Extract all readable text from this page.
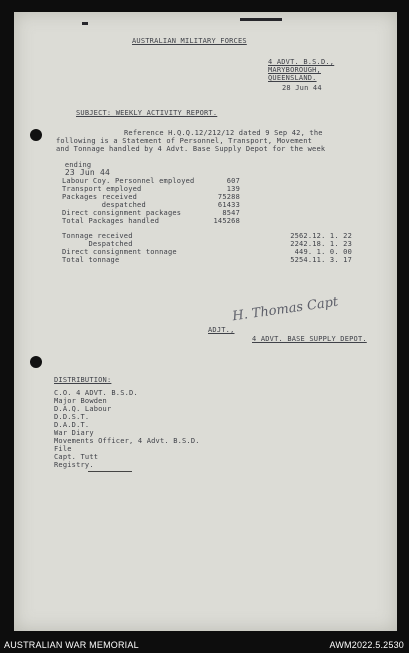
AUSTRALIAN MILITARY FORCES
4 ADVT. B.S.D.,
MARYBOROUGH,
QUEENSLAND.
28 Jun 44
SUBJECT: WEEKLY ACTIVITY REPORT.
Reference H.Q.Q.12/212/12 dated 9 Sep 42, the
following is a Statement of Personnel, Transport, Movement
and Tonnage handled by 4 Advt. Base Supply Depot for the week

ending
23 Jun 44

Labour Coy. Personnel employed	607
Transport employed	139
Packages received	75288
despatched	61433
Direct consignment packages	8547
Total Packages handled	145268
Tonnage received	2562.12. 1. 22
Despatched	2242.18. 1. 23
Direct consignment tonnage	449. 1. 0. 00
Total tonnage	5254.11. 3. 17
H. Thomas Capt
ADJT.,
4 ADVT. BASE SUPPLY DEPOT.
DISTRIBUTION:
C.O. 4 ADVT. B.S.D.
Major Bowden
D.A.Q. Labour
D.D.S.T.
D.A.D.T.
War Diary
Movements Officer, 4 Advt. B.S.D.
File
Capt. Tutt
Registry.
AUSTRALIAN WAR MEMORIAL	AWM2022.5.2530
